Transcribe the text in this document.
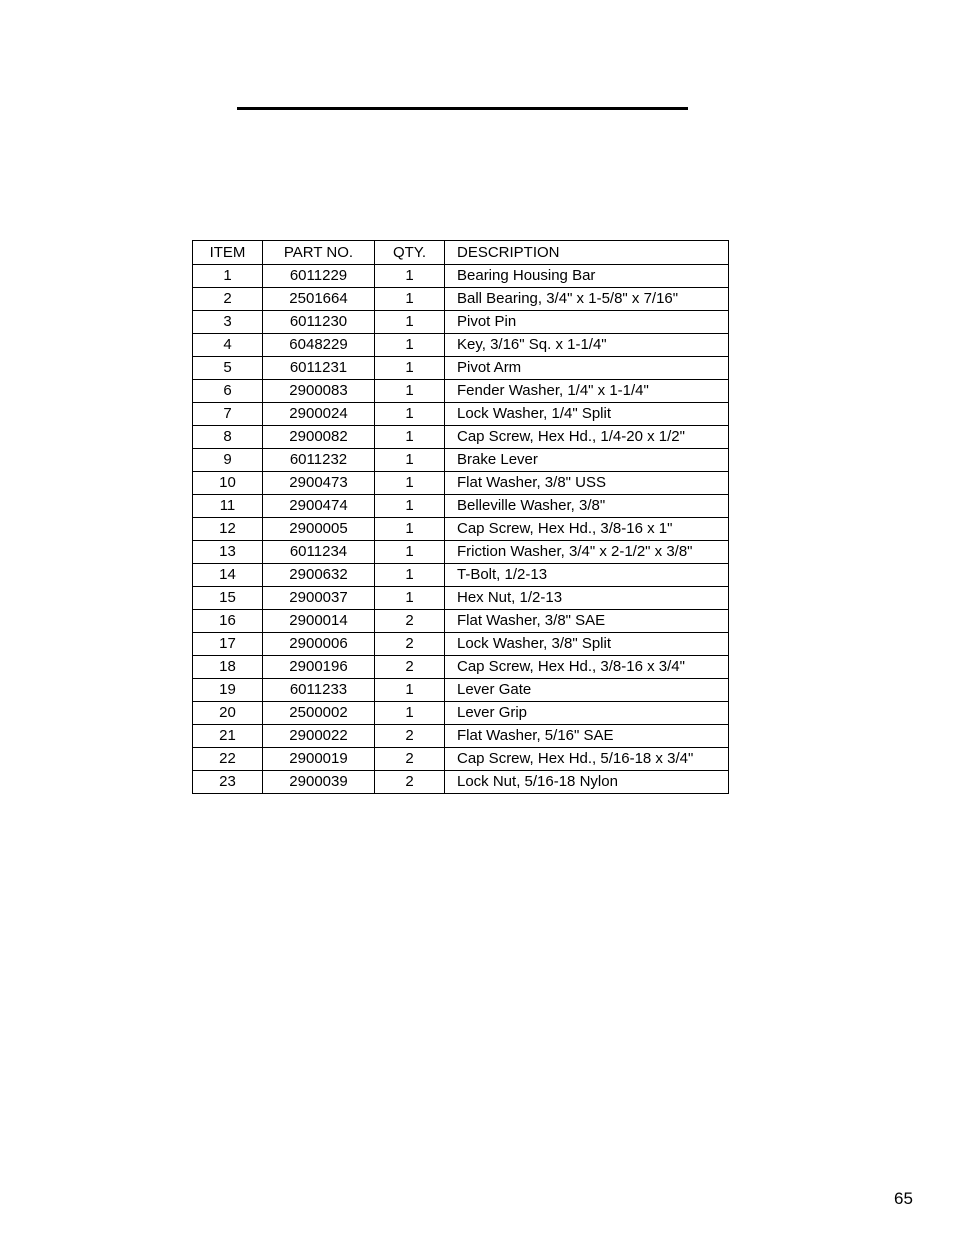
ITEM	PART NO.	QTY.	DESCRIPTION
1	6011229	1	Bearing Housing Bar
2	2501664	1	Ball Bearing, 3/4" x 1-5/8" x 7/16"
3	6011230	1	Pivot Pin
4	6048229	1	Key, 3/16" Sq. x 1-1/4"
5	6011231	1	Pivot Arm
6	2900083	1	Fender Washer, 1/4" x 1-1/4"
7	2900024	1	Lock Washer, 1/4" Split
8	2900082	1	Cap Screw, Hex Hd., 1/4-20 x 1/2"
9	6011232	1	Brake Lever
10	2900473	1	Flat Washer, 3/8" USS
11	2900474	1	Belleville Washer, 3/8"
12	2900005	1	Cap Screw, Hex Hd., 3/8-16 x 1"
13	6011234	1	Friction Washer, 3/4" x 2-1/2" x 3/8"
14	2900632	1	T-Bolt, 1/2-13
15	2900037	1	Hex Nut, 1/2-13
16	2900014	2	Flat Washer, 3/8" SAE
17	2900006	2	Lock Washer, 3/8" Split
18	2900196	2	Cap Screw, Hex Hd., 3/8-16 x 3/4"
19	6011233	1	Lever Gate
20	2500002	1	Lever Grip
21	2900022	2	Flat Washer, 5/16" SAE
22	2900019	2	Cap Screw, Hex Hd., 5/16-18 x 3/4"
23	2900039	2	Lock Nut, 5/16-18 Nylon
65
